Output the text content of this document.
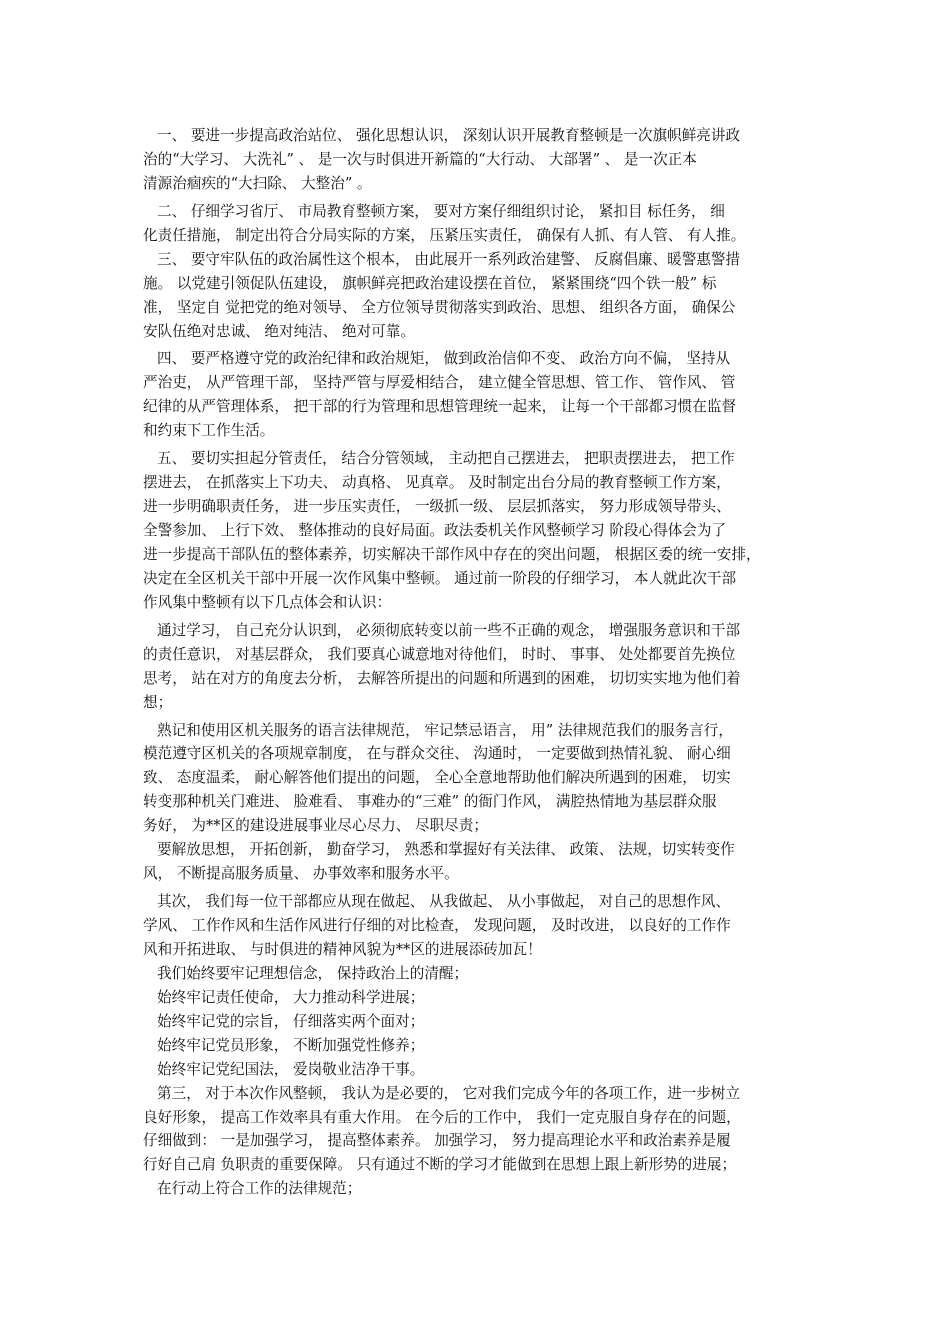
一、 要进一步提高政治站位、 强化思想认识， 深刻认识开展教育整顿是一次旗帜鲜亮讲政
治的“大学习、 大洗礼” 、 是一次与时俱进开新篇的“大行动、 大部署” 、 是一次正本
清源治痼疾的“大扫除、 大整治” 。
二、 仔细学习省厅、 市局教育整顿方案， 要对方案仔细组织讨论， 紧扣目 标任务， 细
化责任措施， 制定出符合分局实际的方案， 压紧压实责任， 确保有人抓、有人管、 有人推。
三、 要守牢队伍的政治属性这个根本， 由此展开一系列政治建警、 反腐倡廉、暖警惠警措
施。 以党建引领促队伍建设， 旗帜鲜亮把政治建设摆在首位， 紧紧围绕“四个铁一般” 标
准， 坚定自 觉把党的绝对领导、 全方位领导贯彻落实到政治、思想、 组织各方面， 确保公
安队伍绝对忠诚、 绝对纯洁、 绝对可靠。
四、 要严格遵守党的政治纪律和政治规矩， 做到政治信仰不变、 政治方向不偏， 坚持从
严治吏， 从严管理干部， 坚持严管与厚爱相结合， 建立健全管思想、管工作、 管作风、 管
纪律的从严管理体系， 把干部的行为管理和思想管理统一起来， 让每一个干部都习惯在监督
和约束下工作生活。
五、 要切实担起分管责任， 结合分管领域， 主动把自己摆进去， 把职责摆进去， 把工作
摆进去， 在抓落实上下功夫、 动真格、 见真章。 及时制定出台分局的教育整顿工作方案，
进一步明确职责任务， 进一步压实责任， 一级抓一级、 层层抓落实， 努力形成领导带头、
全警参加、 上行下效、 整体推动的良好局面。政法委机关作风整顿学习 阶段心得体会为了
进一步提高干部队伍的整体素养，切实解决干部作风中存在的突出问题， 根据区委的统一安排，
决定在全区机关干部中开展一次作风集中整顿。 通过前一阶段的仔细学习， 本人就此次干部
作风集中整顿有以下几点体会和认识：
通过学习， 自己充分认识到， 必须彻底转变以前一些不正确的观念， 增强服务意识和干部
的责任意识， 对基层群众， 我们要真心诚意地对待他们， 时时、 事事、 处处都要首先换位
思考， 站在对方的角度去分析， 去解答所提出的问题和所遇到的困难， 切切实实地为他们着
想；
熟记和使用区机关服务的语言法律规范， 牢记禁忌语言， 用” 法律规范我们的服务言行，
模范遵守区机关的各项规章制度， 在与群众交往、 沟通时， 一定要做到热情礼貌、 耐心细
致、 态度温柔， 耐心解答他们提出的问题， 全心全意地帮助他们解决所遇到的困难， 切实
转变那种机关门难进、 脸难看、 事难办的“三难” 的衙门作风， 满腔热情地为基层群众服
务好， 为**区的建设进展事业尽心尽力、 尽职尽责；
要解放思想， 开拓创新， 勤奋学习， 熟悉和掌握好有关法律、 政策、 法规，切实转变作
风， 不断提高服务质量、 办事效率和服务水平。
其次， 我们每一位干部都应从现在做起、 从我做起、 从小事做起， 对自己的思想作风、
学风、 工作作风和生活作风进行仔细的对比检查， 发现问题， 及时改进， 以良好的工作作
风和开拓进取、 与时俱进的精神风貌为**区的进展添砖加瓦！
我们始终要牢记理想信念， 保持政治上的清醒；
始终牢记责任使命， 大力推动科学进展；
始终牢记党的宗旨， 仔细落实两个面对；
始终牢记党员形象， 不断加强党性修养；
始终牢记党纪国法， 爱岗敬业洁净干事。
第三， 对于本次作风整顿， 我认为是必要的， 它对我们完成今年的各项工作，进一步树立
良好形象， 提高工作效率具有重大作用。 在今后的工作中， 我们一定克服自身存在的问题，
仔细做到： 一是加强学习， 提高整体素养。 加强学习， 努力提高理论水平和政治素养是履
行好自己肩 负职责的重要保障。 只有通过不断的学习才能做到在思想上跟上新形势的进展；
在行动上符合工作的法律规范；
